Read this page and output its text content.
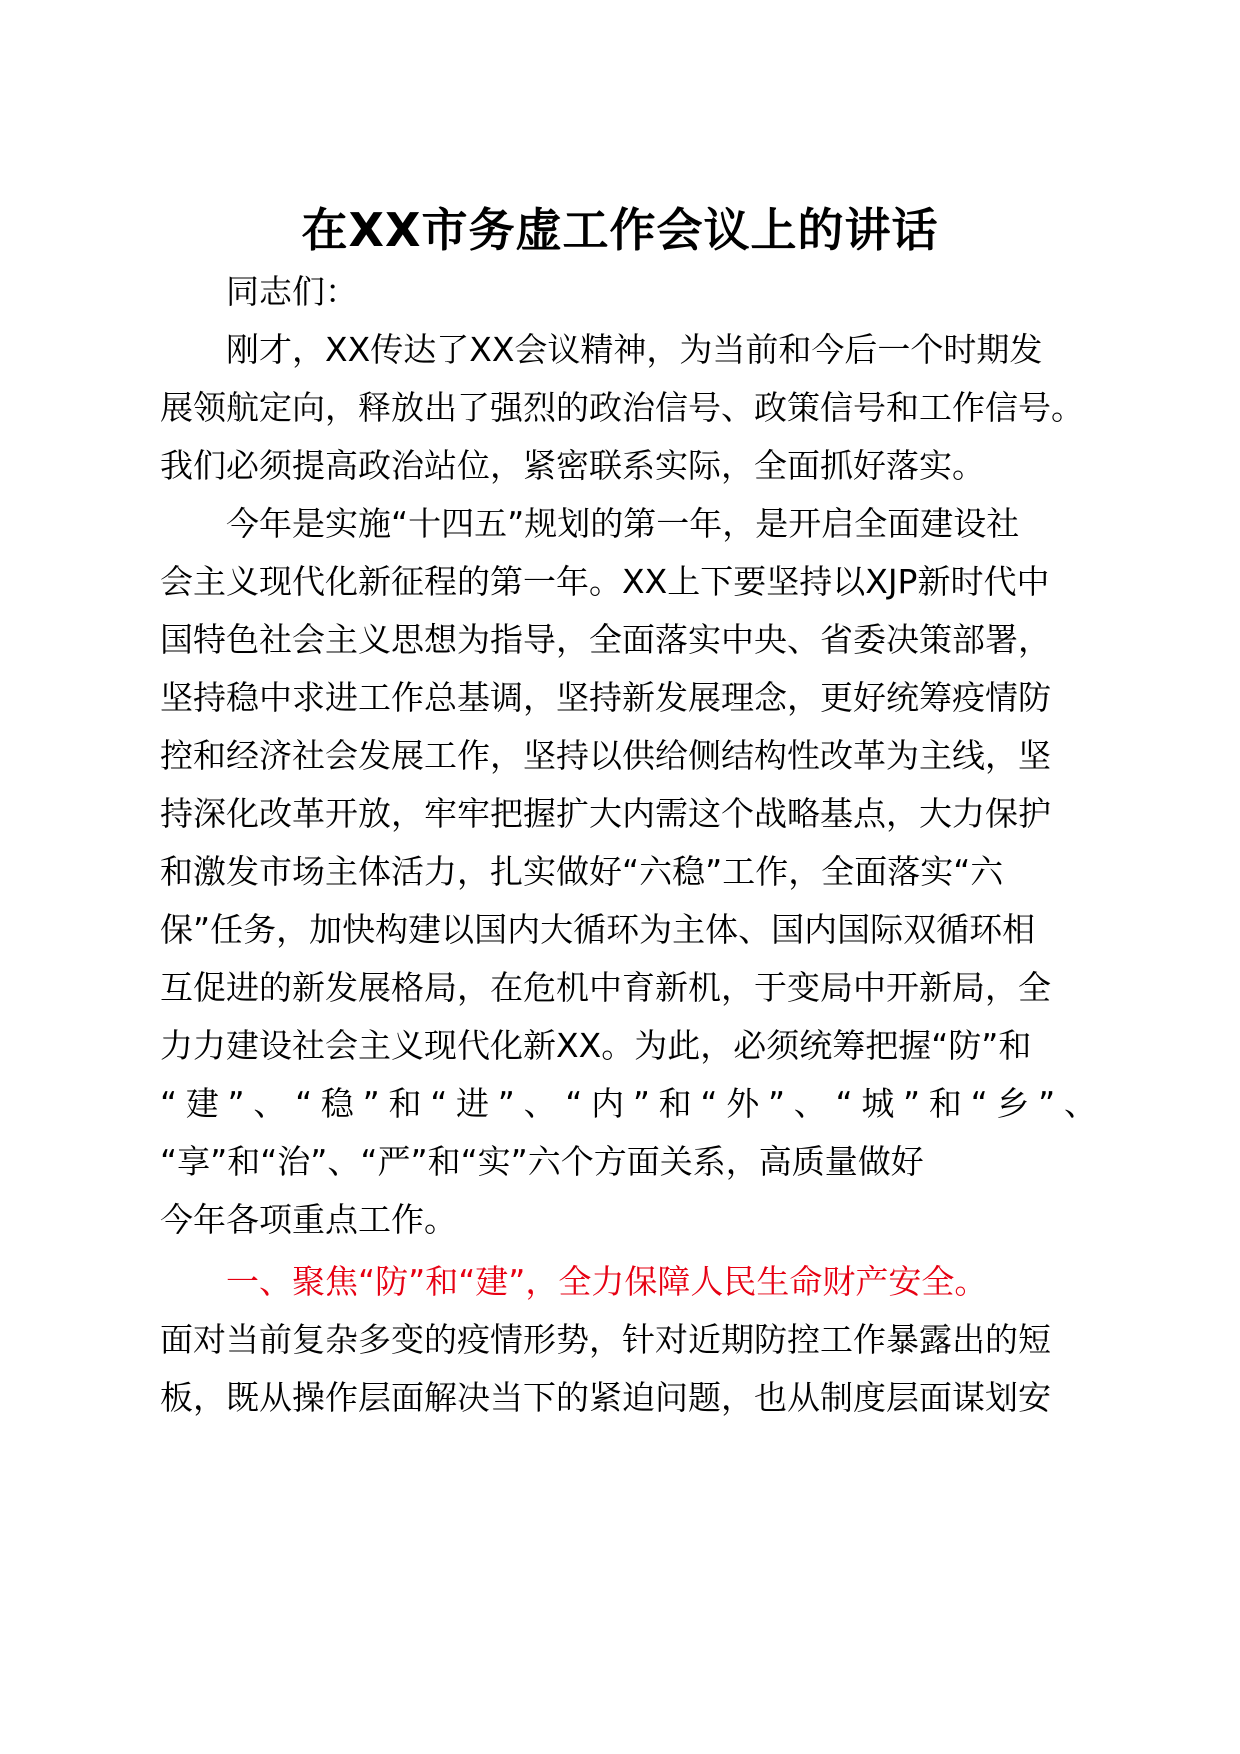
在XX市务虚工作会议上的讲话
同志们：
刚才，XX传达了XX会议精神，为当前和今后一个时期发
展领航定向，释放出了强烈的政治信号、政策信号和工作信号。
我们必须提高政治站位，紧密联系实际，全面抓好落实。
今年是实施“十四五”规划的第一年，是开启全面建设社
会主义现代化新征程的第一年。XX上下要坚持以XJP新时代中
国特色社会主义思想为指导，全面落实中央、省委决策部署，
坚持稳中求进工作总基调，坚持新发展理念，更好统筹疫情防
控和经济社会发展工作，坚持以供给侧结构性改革为主线，坚
持深化改革开放，牢牢把握扩大内需这个战略基点，大力保护
和激发市场主体活力，扎实做好“六稳”工作，全面落实“六
保”任务，加快构建以国内大循环为主体、国内国际双循环相
互促进的新发展格局，在危机中育新机，于变局中开新局，全
力力建设社会主义现代化新XX。为此，必须统筹把握“防”和
“建”、“稳”和“进”、“内”和“外”、“城”和“乡”、
“享”和“治”、“严”和“实”六个方面关系，高质量做好
今年各项重点工作。
一、聚焦“防”和“建”，全力保障人民生命财产安全。
面对当前复杂多变的疫情形势，针对近期防控工作暴露出的短
板，既从操作层面解决当下的紧迫问题，也从制度层面谋划安
